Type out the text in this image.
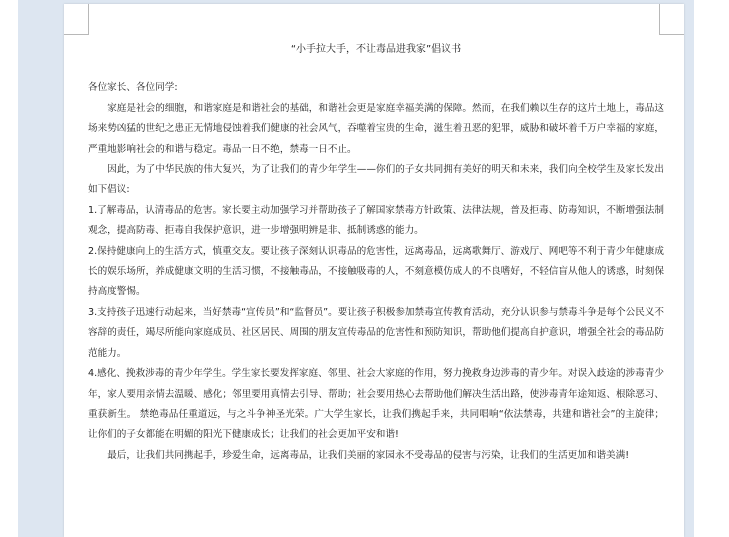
“小手拉大手，不让毒品进我家”倡议书

各位家长、各位同学:

家庭是社会的细胞，和谐家庭是和谐社会的基础，和谐社会更是家庭幸福美满的保障。然而，在我们赖以生存的这片土地上，毒品这场来势凶猛的世纪之患正无情地侵蚀着我们健康的社会风气，吞噬着宝贵的生命，滋生着丑恶的犯罪，威胁和破坏着千万户幸福的家庭，严重地影响社会的和谐与稳定。毒品一日不绝，禁毒一日不止。

因此，为了中华民族的伟大复兴，为了让我们的青少年学生——你们的子女共同拥有美好的明天和未来，我们向全校学生及家长发出如下倡议:

1.了解毒品，认清毒品的危害。家长要主动加强学习并帮助孩子了解国家禁毒方针政策、法律法规，普及拒毒、防毒知识，不断增强法制观念，提高防毒、拒毒自我保护意识，进一步增强明辨是非、抵制诱惑的能力。

2.保持健康向上的生活方式，慎重交友。要让孩子深刻认识毒品的危害性，远离毒品，远离歌舞厅、游戏厅、网吧等不利于青少年健康成长的娱乐场所，养成健康文明的生活习惯，不接触毒品，不接触吸毒的人，不刻意模仿成人的不良嗜好，不轻信盲从他人的诱惑，时刻保持高度警惕。

3.支持孩子迅速行动起来，当好禁毒“宣传员”和“监督员”。要让孩子积极参加禁毒宣传教育活动，充分认识参与禁毒斗争是每个公民义不容辞的责任，竭尽所能向家庭成员、社区居民、周围的朋友宣传毒品的危害性和预防知识，帮助他们提高自护意识，增强全社会的毒品防范能力。

4.感化、挽救涉毒的青少年学生。学生家长要发挥家庭、邻里、社会大家庭的作用，努力挽救身边涉毒的青少年。对误入歧途的涉毒青少年，家人要用亲情去温暖、感化；邻里要用真情去引导、帮助；社会要用热心去帮助他们解决生活出路，使涉毒青年途知返、根除恶习、重获新生。 禁绝毒品任重道远，与之斗争神圣光荣。广大学生家长，让我们携起手来，共同唱响“依法禁毒，共建和谐社会”的主旋律；让你们的子女都能在明媚的阳光下健康成长；让我们的社会更加平安和谐!

最后，让我们共同携起手，珍爱生命，远离毒品，让我们美丽的家园永不受毒品的侵害与污染，让我们的生活更加和谐美满!
